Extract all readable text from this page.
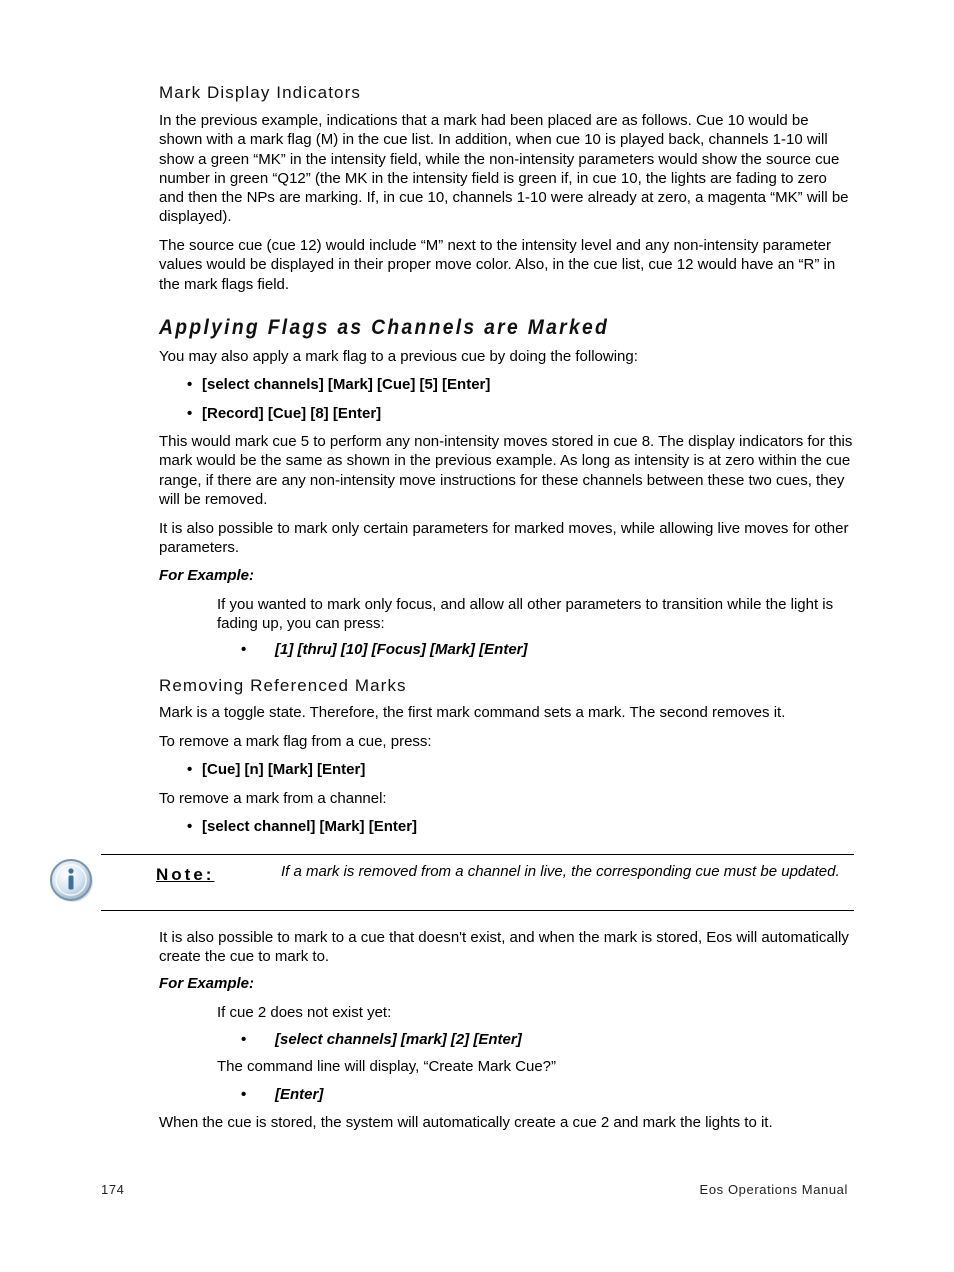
Mark Display Indicators

In the previous example, indications that a mark had been placed are as follows. Cue 10 would be shown with a mark flag (M) in the cue list. In addition, when cue 10 is played back, channels 1-10 will show a green “MK” in the intensity field, while the non-intensity parameters would show the source cue number in green “Q12” (the MK in the intensity field is green if, in cue 10, the lights are fading to zero and then the NPs are marking. If, in cue 10, channels 1-10 were already at zero, a magenta “MK” will be displayed).

The source cue (cue 12) would include “M” next to the intensity level and any non-intensity parameter values would be displayed in their proper move color. Also, in the cue list, cue 12 would have an “R” in the mark flags field.

Applying Flags as Channels are Marked

You may also apply a mark flag to a previous cue by doing the following:

• [select channels] [Mark] [Cue] [5] [Enter]
• [Record] [Cue] [8] [Enter]

This would mark cue 5 to perform any non-intensity moves stored in cue 8. The display indicators for this mark would be the same as shown in the previous example. As long as intensity is at zero within the cue range, if there are any non-intensity move instructions for these channels between these two cues, they will be removed.

It is also possible to mark only certain parameters for marked moves, while allowing live moves for other parameters.

For Example:

If you wanted to mark only focus, and allow all other parameters to transition while the light is fading up, you can press:

• [1] [thru] [10] [Focus] [Mark] [Enter]
Removing Referenced Marks

Mark is a toggle state. Therefore, the first mark command sets a mark. The second removes it.

To remove a mark flag from a cue, press:

• [Cue] [n] [Mark] [Enter]

To remove a mark from a channel:

• [select channel] [Mark] [Enter]
Note:	If a mark is removed from a channel in live, the corresponding cue must be updated.

It is also possible to mark to a cue that doesn't exist, and when the mark is stored, Eos will automatically create the cue to mark to.

For Example:

If cue 2 does not exist yet:

• [select channels] [mark] [2] [Enter]

The command line will display, “Create Mark Cue?”

• [Enter]

When the cue is stored, the system will automatically create a cue 2 and mark the lights to it.

174	Eos Operations Manual
